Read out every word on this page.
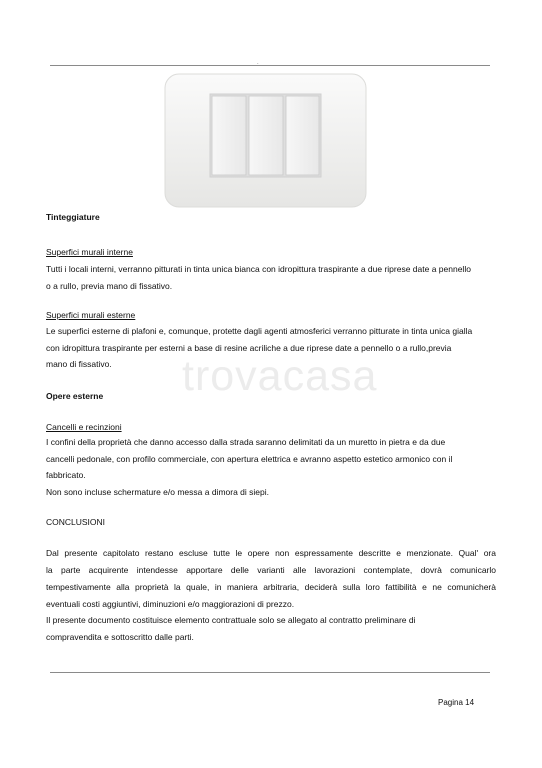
.
trovacasa

Tinteggiature

Superfici murali interne

Tutti i locali interni, verranno pitturati in tinta unica bianca con idropittura traspirante a due riprese date a pennello

o a rullo, previa mano di fissativo.

Superfici murali esterne

Le superfici esterne di plafoni e, comunque, protette dagli agenti atmosferici verranno pitturate in tinta unica gialla

con idropittura traspirante per esterni a base di resine acriliche a due riprese date a pennello o a rullo,previa

mano di fissativo.

Opere esterne

Cancelli e recinzioni

I confini della proprietà che danno accesso dalla strada saranno delimitati da un muretto in pietra e da due

cancelli pedonale, con profilo commerciale, con apertura elettrica e avranno aspetto estetico armonico con il

fabbricato.

Non sono incluse schermature e/o messa a dimora di siepi.

CONCLUSIONI

Dal presente capitolato restano escluse tutte le opere non espressamente descritte e menzionate. Qual' ora

la parte acquirente intendesse apportare delle varianti alle lavorazioni contemplate, dovrà comunicarlo

tempestivamente alla proprietà la quale, in maniera arbitraria, deciderà sulla loro fattibilità e ne comunicherà

eventuali costi aggiuntivi, diminuzioni e/o maggiorazioni di prezzo.

Il presente documento costituisce elemento contrattuale solo se allegato al contratto preliminare di

compravendita e sottoscritto dalle parti.

Pagina 14
